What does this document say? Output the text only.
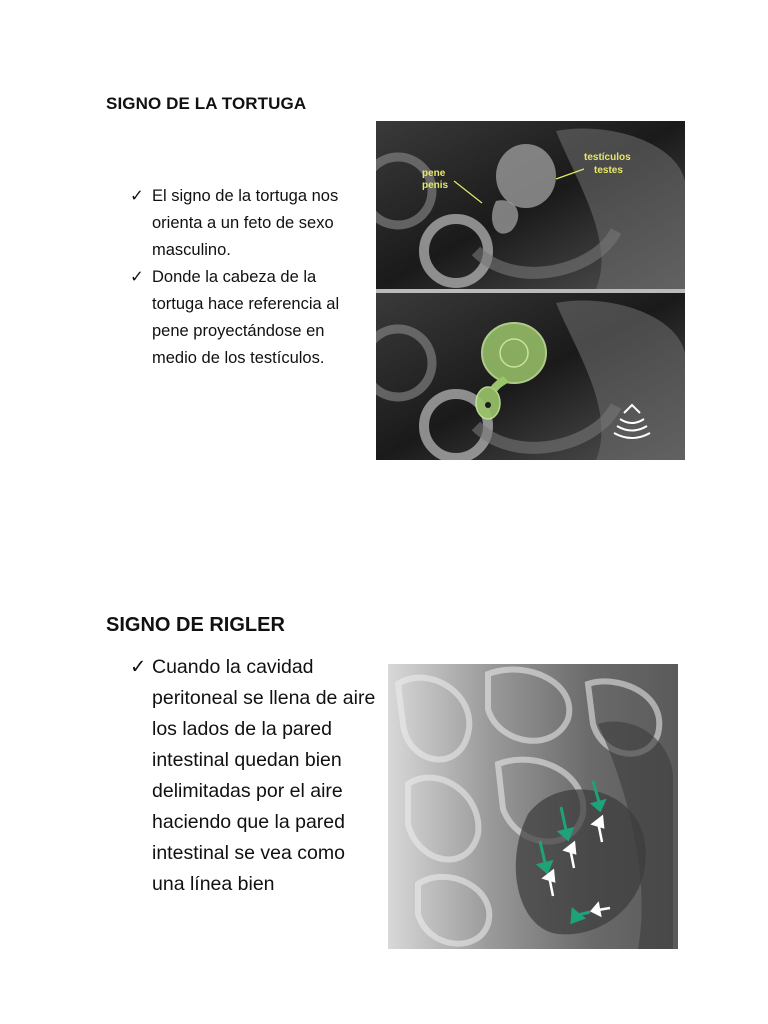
SIGNO DE LA TORTUGA
✓ El signo de la tortuga nos orienta a un feto de sexo masculino.
✓ Donde la cabeza de la tortuga hace referencia al pene proyectándose en medio de los testículos.
pene
penis
testículos
testes
SIGNO DE RIGLER
✓ Cuando la cavidad peritoneal se llena de aire los lados de la pared intestinal quedan bien delimitadas por el aire haciendo que la pared intestinal se vea como una línea bien
